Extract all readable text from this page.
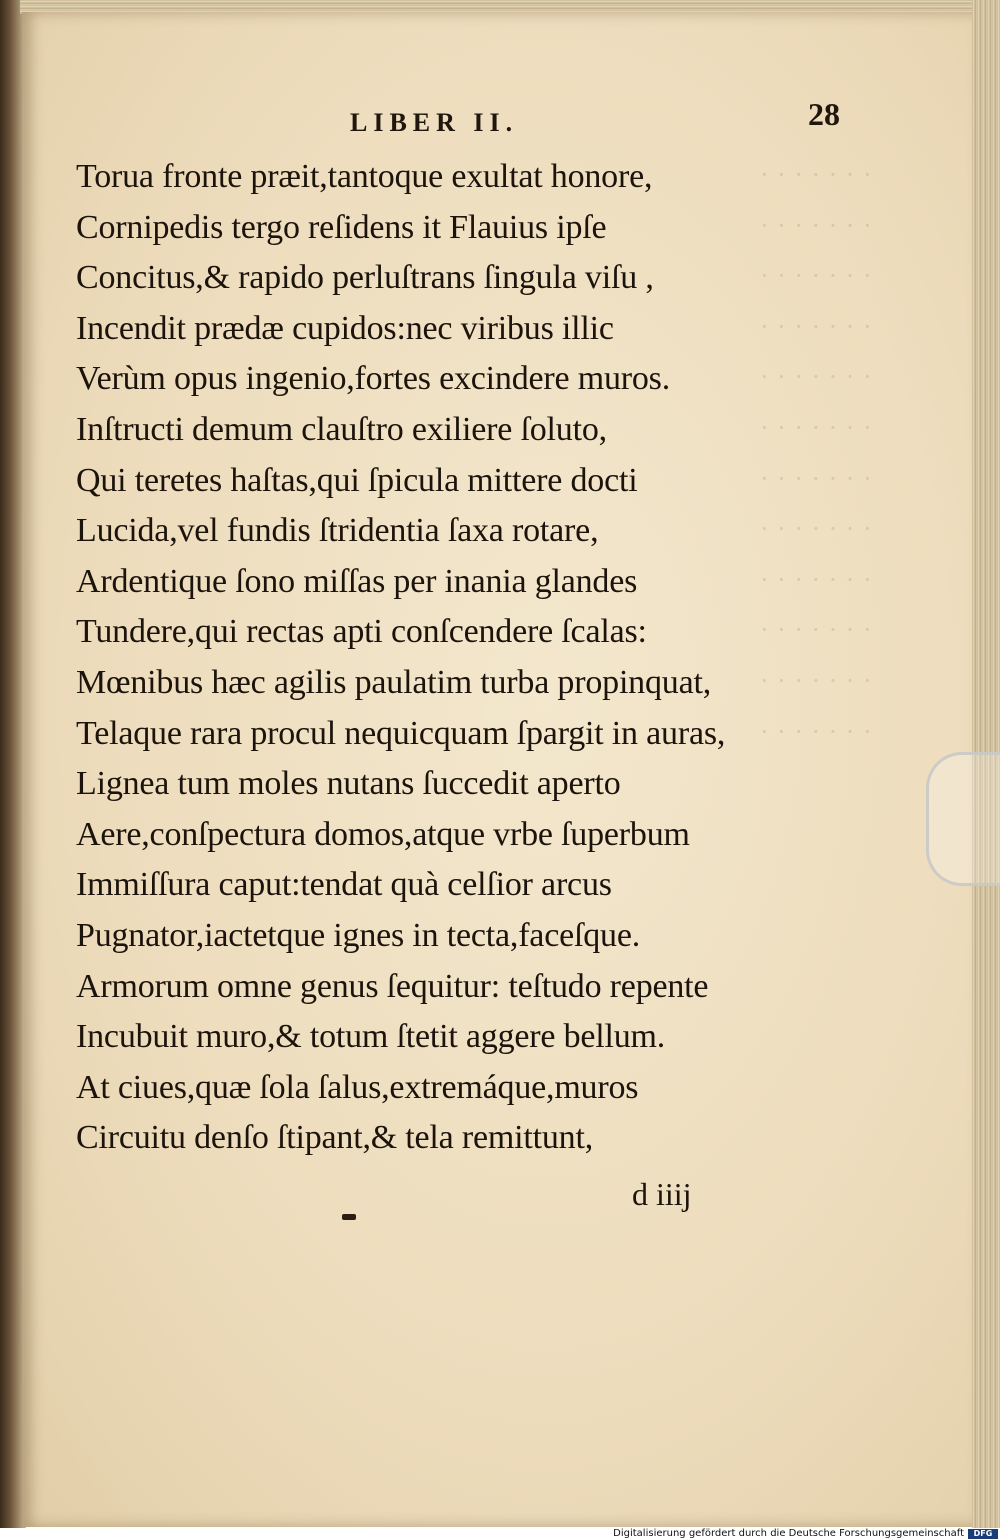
· · · · · · ·
· · · · · · ·
· · · · · · ·
· · · · · · ·
· · · · · · ·
· · · · · · ·
· · · · · · ·
· · · · · · ·
· · · · · · ·
· · · · · · ·
· · · · · · ·
· · · · · · ·
LIBER II.	28
Torua fronte præit,tantoque exultat honore,
Cornipedis tergo reſidens it Flauius ipſe
Concitus,& rapido perluſtrans ſingula viſu ,
Incendit prædæ cupidos:nec viribus illic
Verùm opus ingenio,fortes excindere muros.
Inſtructi demum clauſtro exiliere ſoluto,
Qui teretes haſtas,qui ſpicula mittere docti
Lucida,vel fundis ſtridentia ſaxa rotare,
Ardentique ſono miſſas per inania glandes
Tundere,qui rectas apti conſcendere ſcalas:
Mœnibus hæc agilis paulatim turba propinquat,
Telaque rara procul nequicquam ſpargit in auras,
Lignea tum moles nutans ſuccedit aperto
Aere,conſpectura domos,atque vrbe ſuperbum
Immiſſura caput:tendat quà celſior arcus
Pugnator,iactetque ignes in tecta,faceſque.
Armorum omne genus ſequitur: teſtudo repente
Incubuit muro,& totum ſtetit aggere bellum.
At ciues,quæ ſola ſalus,extremáque,muros
Circuitu denſo ſtipant,& tela remittunt,
d iiij
Digitalisierung gefördert durch die Deutsche Forschungsgemeinschaft	DFG
